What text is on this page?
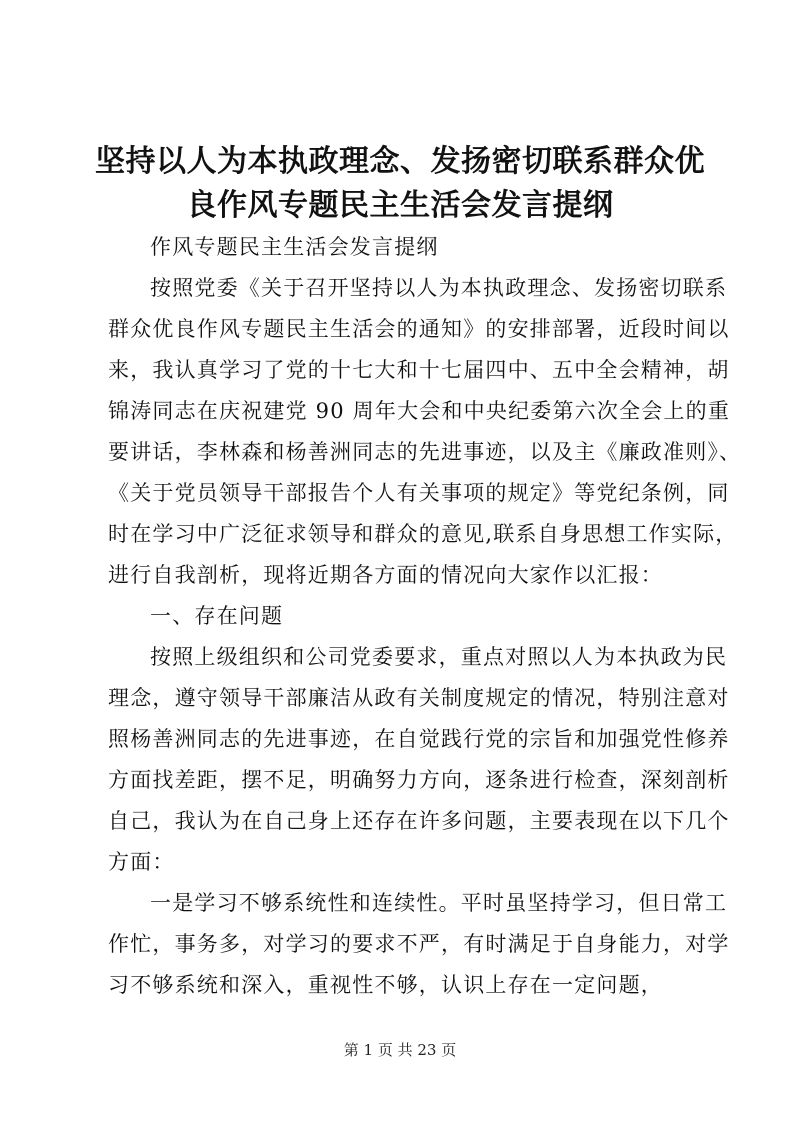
坚持以人为本执政理念、发扬密切联系群众优
良作风专题民主生活会发言提纲
作风专题民主生活会发言提纲
按照党委《关于召开坚持以人为本执政理念、发扬密切联系
群众优良作风专题民主生活会的通知》的安排部署，近段时间以
来，我认真学习了党的十七大和十七届四中、五中全会精神，胡
锦涛同志在庆祝建党 90 周年大会和中央纪委第六次全会上的重
要讲话，李林森和杨善洲同志的先进事迹，以及主《廉政准则》、
《关于党员领导干部报告个人有关事项的规定》等党纪条例，同
时在学习中广泛征求领导和群众的意见,联系自身思想工作实际，
进行自我剖析，现将近期各方面的情况向大家作以汇报：
一、存在问题
按照上级组织和公司党委要求，重点对照以人为本执政为民
理念，遵守领导干部廉洁从政有关制度规定的情况，特别注意对
照杨善洲同志的先进事迹，在自觉践行党的宗旨和加强党性修养
方面找差距，摆不足，明确努力方向，逐条进行检查，深刻剖析
自己，我认为在自己身上还存在许多问题，主要表现在以下几个
方面：
一是学习不够系统性和连续性。平时虽坚持学习，但日常工
作忙，事务多，对学习的要求不严，有时满足于自身能力，对学
习不够系统和深入，重视性不够，认识上存在一定问题，
第 1 页 共 23 页
